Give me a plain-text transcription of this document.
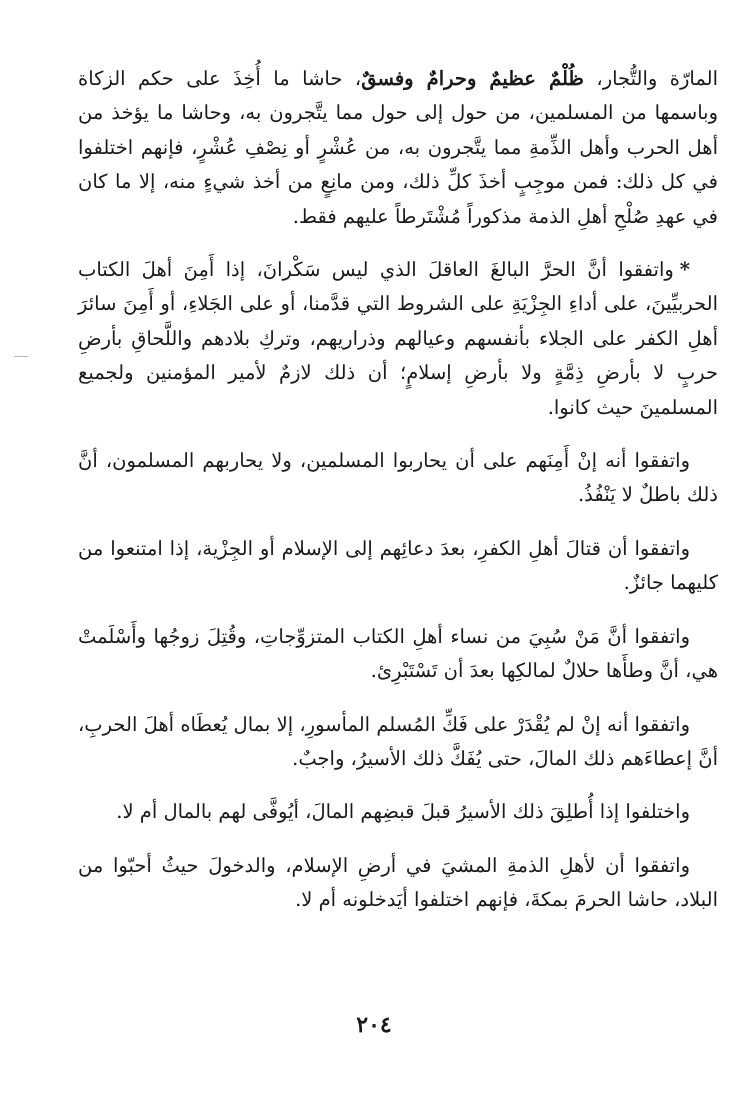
المارّة والتُّجار، ظُلْمٌ عظيمٌ وحرامٌ وفسقٌ، حاشا ما أُخِذَ على حكم الزكاة وباسمها من المسلمين، من حول إلى حول مما يتَّجرون به، وحاشا ما يؤخذ من أهل الحرب وأهل الذِّمةِ مما يتَّجرون به، من عُشْرٍ أو نِصْفِ عُشْرٍ، فإنهم اختلفوا في كل ذلك: فمن موجِبٍ أخذَ كلِّ ذلك، ومن مانِعٍ من أخذ شيءٍ منه، إلا ما كان في عهدِ صُلْحِ أهلِ الذمة مذكوراً مُشْتَرطاً عليهم فقط.

*واتفقوا أنَّ الحرَّ البالغَ العاقلَ الذي ليس سَكْرانَ، إذا أَمِنَ أهلَ الكتاب الحربيِّينَ، على أداءِ الجِزْيَةِ على الشروط التي قدَّمنا، أو على الجَلاءِ، أو أَمِنَ سائرَ أهلِ الكفر على الجلاء بأنفسهم وعيالهم وذراريهم، وتركِ بلادهم واللَّحاقِ بأرضِ حربٍ لا بأرضِ ذِمَّةٍ ولا بأرضِ إسلامٍ؛ أن ذلك لازمٌ لأمير المؤمنين ولجميع المسلمينَ حيث كانوا.

واتفقوا أنه إنْ أَمِنَهم على أن يحاربوا المسلمين، ولا يحاربهم المسلمون، أنَّ ذلك باطلٌ لا يَنْفُذُ.

واتفقوا أن قتالَ أهلِ الكفرِ، بعدَ دعائِهم إلى الإسلام أو الجِزْية، إذا امتنعوا من كليهما جائزٌ.

واتفقوا أنَّ مَنْ سُبِيَ من نساء أهلِ الكتاب المتزوِّجاتِ، وقُتِلَ زوجُها وأَسْلَمتْ هي، أنَّ وطأَها حلالٌ لمالكِها بعدَ أن تَسْتَبْرِئ.

واتفقوا أنه إنْ لم يُقْدَرْ على فَكِّ المُسلم المأسورِ، إلا بمال يُعطَاه أهلَ الحربِ، أنَّ إعطاءَهم ذلك المالَ، حتى يُفَكَّ ذلك الأسيرُ، واجبٌ.

واختلفوا إذا أُطلِقَ ذلك الأسيرُ قبلَ قبضِهم المالَ، أيُوفَّى لهم بالمال أم لا.

واتفقوا أن لأهلِ الذمةِ المشيَ في أرضِ الإسلام، والدخولَ حيثُ أحبّوا من البلاد، حاشا الحرمَ بمكةَ، فإنهم اختلفوا أيَدخلونه أم لا.

٢٠٤
